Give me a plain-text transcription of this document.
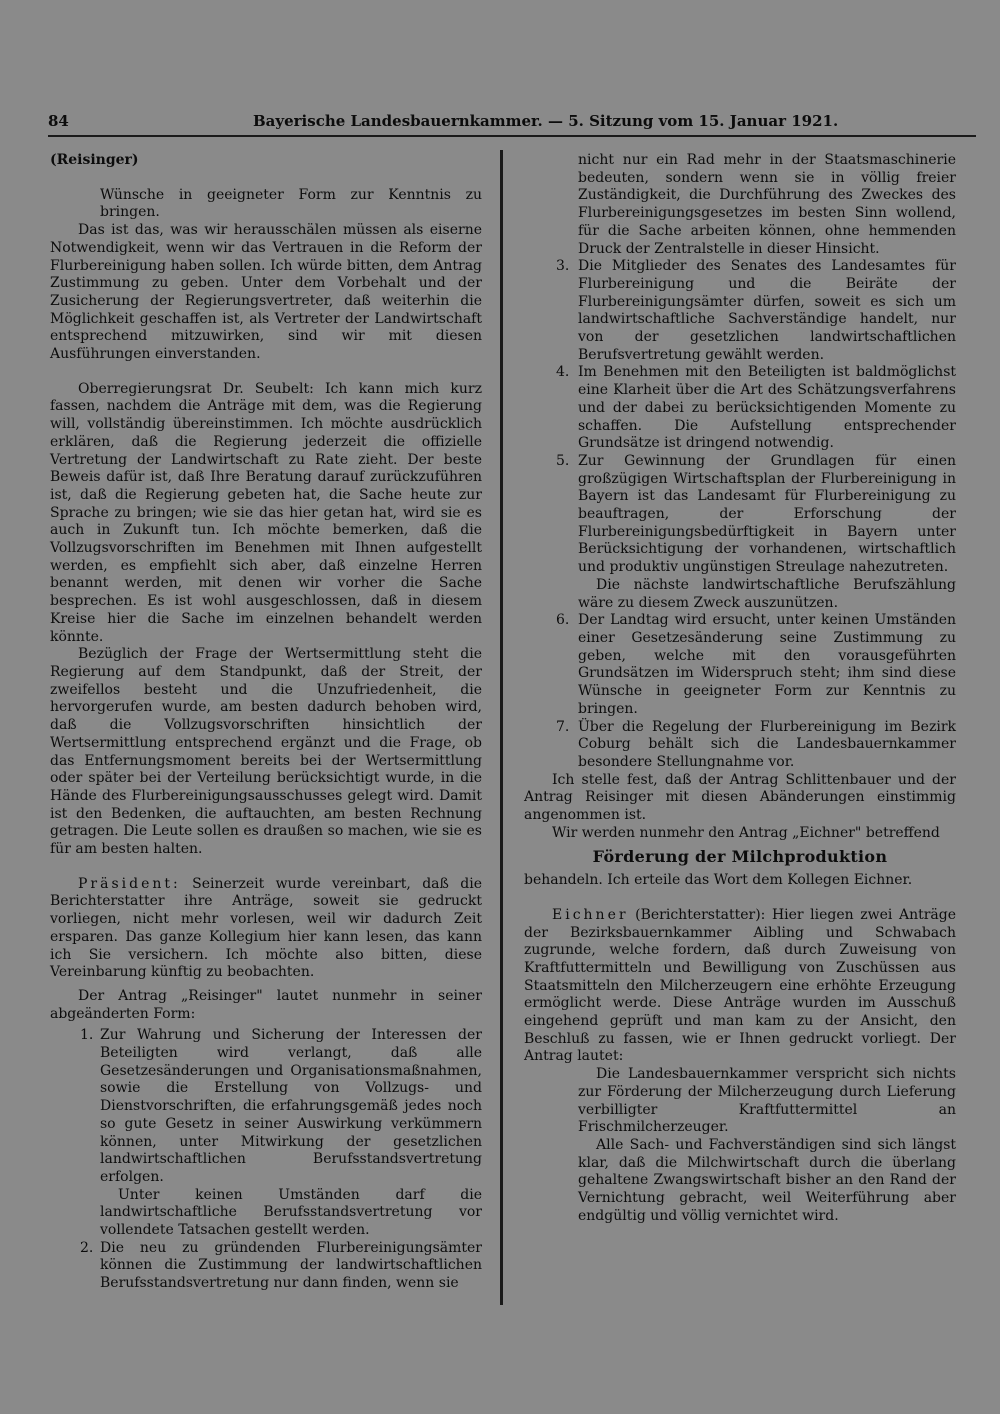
84	Bayerische Landesbauernkammer. — 5. Sitzung vom 15. Januar 1921.

(Reisinger)

Wünsche in geeigneter Form zur Kenntnis zu bringen.

Das ist das, was wir herausschälen müssen als eiserne Notwendigkeit, wenn wir das Vertrauen in die Reform der Flurbereinigung haben sollen. Ich würde bitten, dem Antrag Zustimmung zu geben. Unter dem Vorbehalt und der Zusicherung der Regierungsvertreter, daß weiterhin die Möglichkeit geschaffen ist, als Vertreter der Landwirtschaft entsprechend mitzuwirken, sind wir mit diesen Ausführungen einverstanden.

Oberregierungsrat Dr. Seubelt: Ich kann mich kurz fassen, nachdem die Anträge mit dem, was die Regierung will, vollständig übereinstimmen. Ich möchte ausdrücklich erklären, daß die Regierung jederzeit die offizielle Vertretung der Landwirtschaft zu Rate zieht. Der beste Beweis dafür ist, daß Ihre Beratung darauf zurückzuführen ist, daß die Regierung gebeten hat, die Sache heute zur Sprache zu bringen; wie sie das hier getan hat, wird sie es auch in Zukunft tun. Ich möchte bemerken, daß die Vollzugsvorschriften im Benehmen mit Ihnen aufgestellt werden, es empfiehlt sich aber, daß einzelne Herren benannt werden, mit denen wir vorher die Sache besprechen. Es ist wohl ausgeschlossen, daß in diesem Kreise hier die Sache im einzelnen behandelt werden könnte.

Bezüglich der Frage der Wertsermittlung steht die Regierung auf dem Standpunkt, daß der Streit, der zweifellos besteht und die Unzufriedenheit, die hervorgerufen wurde, am besten dadurch behoben wird, daß die Vollzugsvorschriften hinsichtlich der Wertsermittlung entsprechend ergänzt und die Frage, ob das Entfernungsmoment bereits bei der Wertsermittlung oder später bei der Verteilung berücksichtigt wurde, in die Hände des Flurbereinigungsausschusses gelegt wird. Damit ist den Bedenken, die auftauchten, am besten Rechnung getragen. Die Leute sollen es draußen so machen, wie sie es für am besten halten.

Präsident: Seinerzeit wurde vereinbart, daß die Berichterstatter ihre Anträge, soweit sie gedruckt vorliegen, nicht mehr vorlesen, weil wir dadurch Zeit ersparen. Das ganze Kollegium hier kann lesen, das kann ich Sie versichern. Ich möchte also bitten, diese Vereinbarung künftig zu beobachten.

Der Antrag „Reisinger" lautet nunmehr in seiner abgeänderten Form:

1. Zur Wahrung und Sicherung der Interessen der Beteiligten wird verlangt, daß alle Gesetzesänderungen und Organisationsmaßnahmen, sowie die Erstellung von Vollzugs- und Dienstvorschriften, die erfahrungsgemäß jedes noch so gute Gesetz in seiner Auswirkung verkümmern können, unter Mitwirkung der gesetzlichen landwirtschaftlichen Berufsstandsvertretung erfolgen.

Unter keinen Umständen darf die landwirtschaftliche Berufsstandsvertretung vor vollendete Tatsachen gestellt werden.

2. Die neu zu gründenden Flurbereinigungsämter können die Zustimmung der landwirtschaftlichen Berufsstandsvertretung nur dann finden, wenn sie

nicht nur ein Rad mehr in der Staatsmaschinerie bedeuten, sondern wenn sie in völlig freier Zuständigkeit, die Durchführung des Zweckes des Flurbereinigungsgesetzes im besten Sinn wollend, für die Sache arbeiten können, ohne hemmenden Druck der Zentralstelle in dieser Hinsicht.

3. Die Mitglieder des Senates des Landesamtes für Flurbereinigung und die Beiräte der Flurbereinigungsämter dürfen, soweit es sich um landwirtschaftliche Sachverständige handelt, nur von der gesetzlichen landwirtschaftlichen Berufsvertretung gewählt werden.

4. Im Benehmen mit den Beteiligten ist baldmöglichst eine Klarheit über die Art des Schätzungsverfahrens und der dabei zu berücksichtigenden Momente zu schaffen. Die Aufstellung entsprechender Grundsätze ist dringend notwendig.

5. Zur Gewinnung der Grundlagen für einen großzügigen Wirtschaftsplan der Flurbereinigung in Bayern ist das Landesamt für Flurbereinigung zu beauftragen, der Erforschung der Flurbereinigungsbedürftigkeit in Bayern unter Berücksichtigung der vorhandenen, wirtschaftlich und produktiv ungünstigen Streulage nahezutreten.

Die nächste landwirtschaftliche Berufszählung wäre zu diesem Zweck auszunützen.

6. Der Landtag wird ersucht, unter keinen Umständen einer Gesetzesänderung seine Zustimmung zu geben, welche mit den vorausgeführten Grundsätzen im Widerspruch steht; ihm sind diese Wünsche in geeigneter Form zur Kenntnis zu bringen.

7. Über die Regelung der Flurbereinigung im Bezirk Coburg behält sich die Landesbauernkammer besondere Stellungnahme vor.

Ich stelle fest, daß der Antrag Schlittenbauer und der Antrag Reisinger mit diesen Abänderungen einstimmig angenommen ist.

Wir werden nunmehr den Antrag „Eichner" betreffend

Förderung der Milchproduktion

behandeln. Ich erteile das Wort dem Kollegen Eichner.

Eichner (Berichterstatter): Hier liegen zwei Anträge der Bezirksbauernkammer Aibling und Schwabach zugrunde, welche fordern, daß durch Zuweisung von Kraftfuttermitteln und Bewilligung von Zuschüssen aus Staatsmitteln den Milcherzeugern eine erhöhte Erzeugung ermöglicht werde. Diese Anträge wurden im Ausschuß eingehend geprüft und man kam zu der Ansicht, den Beschluß zu fassen, wie er Ihnen gedruckt vorliegt. Der Antrag lautet:

Die Landesbauernkammer verspricht sich nichts zur Förderung der Milcherzeugung durch Lieferung verbilligter Kraftfuttermittel an Frischmilcherzeuger.

Alle Sach- und Fachverständigen sind sich längst klar, daß die Milchwirtschaft durch die überlang gehaltene Zwangswirtschaft bisher an den Rand der Vernichtung gebracht, weil Weiterführung aber endgültig und völlig vernichtet wird.
